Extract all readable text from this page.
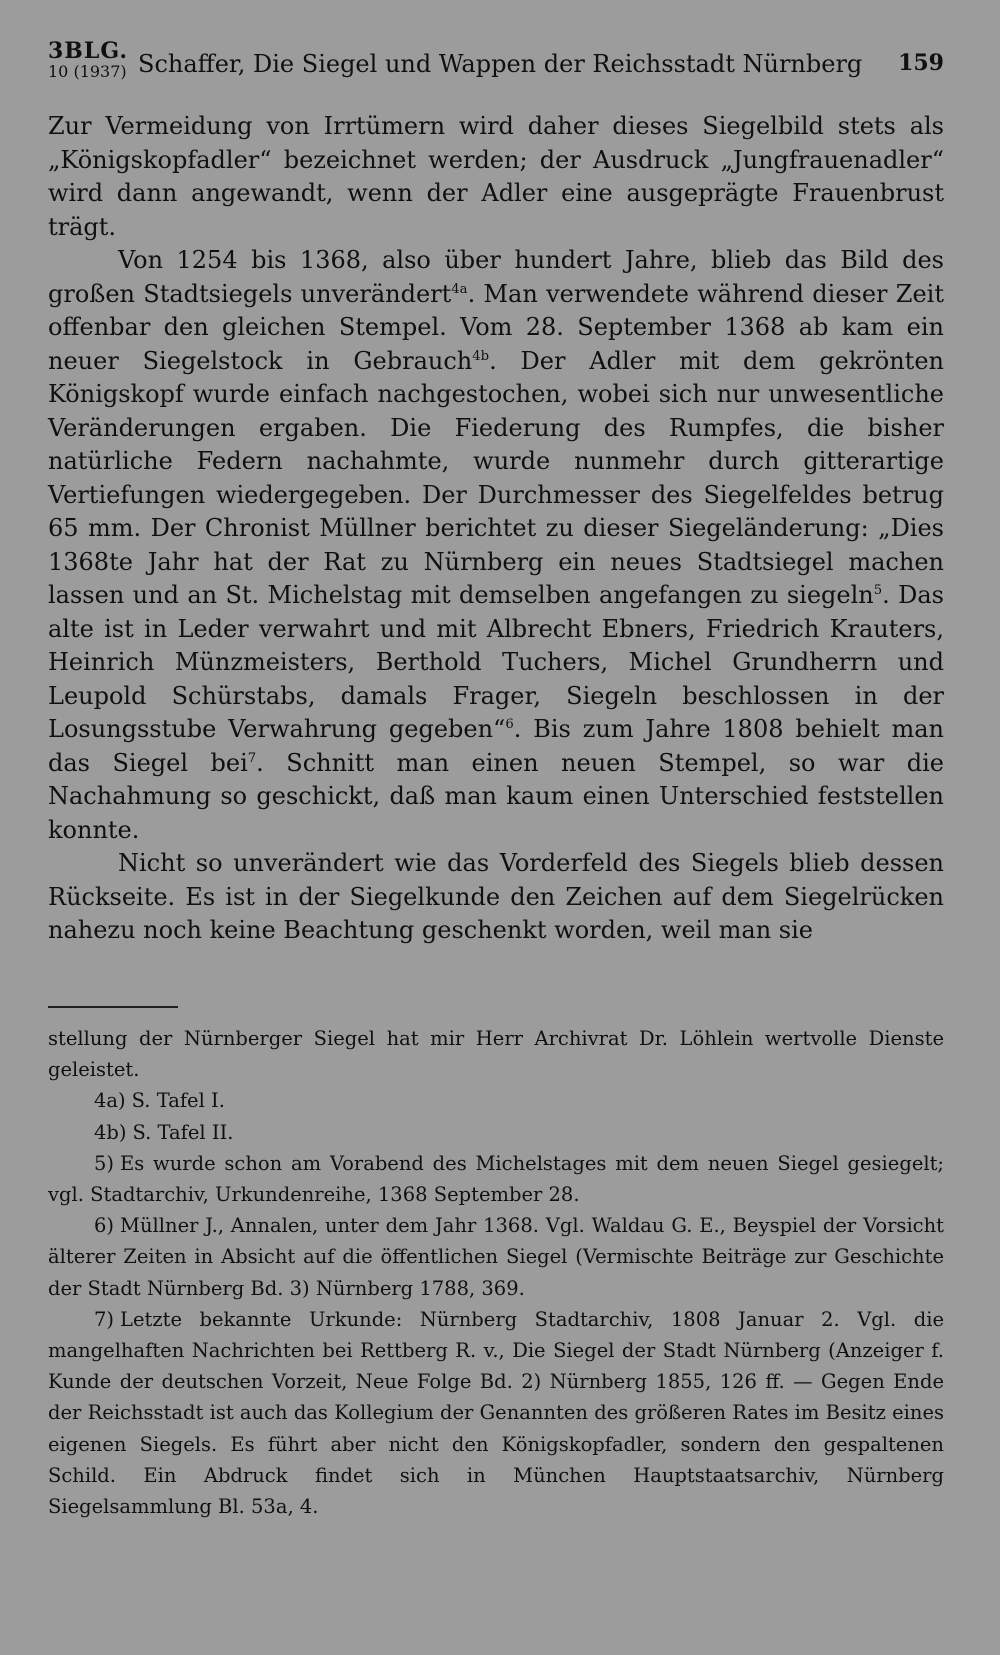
3BLG.
10 (1937) Schaffer, Die Siegel und Wappen der Reichsstadt Nürnberg 159

Zur Vermeidung von Irrtümern wird daher dieses Siegelbild stets als „Königskopfadler“ bezeichnet werden; der Ausdruck „Jungfrauenadler“ wird dann angewandt, wenn der Adler eine ausgeprägte Frauenbrust trägt.

Von 1254 bis 1368, also über hundert Jahre, blieb das Bild des großen Stadtsiegels unverändert$^{4a}$. Man verwendete während dieser Zeit offenbar den gleichen Stempel. Vom 28. September 1368 ab kam ein neuer Siegelstock in Gebrauch$^{4b}$. Der Adler mit dem gekrönten Königskopf wurde einfach nachgestochen, wobei sich nur unwesentliche Veränderungen ergaben. Die Fiederung des Rumpfes, die bisher natürliche Federn nachahmte, wurde nunmehr durch gitterartige Vertiefungen wiedergegeben. Der Durchmesser des Siegelfeldes betrug 65 mm. Der Chronist Müllner berichtet zu dieser Siegeländerung: „Dies 1368te Jahr hat der Rat zu Nürnberg ein neues Stadtsiegel machen lassen und an St. Michelstag mit demselben angefangen zu siegeln$^5$. Das alte ist in Leder verwahrt und mit Albrecht Ebners, Friedrich Krauters, Heinrich Münzmeisters, Berthold Tuchers, Michel Grundherrn und Leupold Schürstabs, damals Frager, Siegeln beschlossen in der Losungsstube Verwahrung gegeben“$^6$. Bis zum Jahre 1808 behielt man das Siegel bei$^7$. Schnitt man einen neuen Stempel, so war die Nachahmung so geschickt, daß man kaum einen Unterschied feststellen konnte.

Nicht so unverändert wie das Vorderfeld des Siegels blieb dessen Rückseite. Es ist in der Siegelkunde den Zeichen auf dem Siegelrücken nahezu noch keine Beachtung geschenkt worden, weil man sie

stellung der Nürnberger Siegel hat mir Herr Archivrat Dr. Löhlein wertvolle Dienste geleistet.

4a) S. Tafel I.

4b) S. Tafel II.

5) Es wurde schon am Vorabend des Michelstages mit dem neuen Siegel gesiegelt; vgl. Stadtarchiv, Urkundenreihe, 1368 September 28.

6) Müllner J., Annalen, unter dem Jahr 1368. Vgl. Waldau G. E., Beyspiel der Vorsicht älterer Zeiten in Absicht auf die öffentlichen Siegel (Vermischte Beiträge zur Geschichte der Stadt Nürnberg Bd. 3) Nürnberg 1788, 369.

7) Letzte bekannte Urkunde: Nürnberg Stadtarchiv, 1808 Januar 2. Vgl. die mangelhaften Nachrichten bei Rettberg R. v., Die Siegel der Stadt Nürnberg (Anzeiger f. Kunde der deutschen Vorzeit, Neue Folge Bd. 2) Nürnberg 1855, 126 ff. — Gegen Ende der Reichsstadt ist auch das Kollegium der Genannten des größeren Rates im Besitz eines eigenen Siegels. Es führt aber nicht den Königskopfadler, sondern den gespaltenen Schild. Ein Abdruck findet sich in München Hauptstaatsarchiv, Nürnberg Siegelsammlung Bl. 53a, 4.
